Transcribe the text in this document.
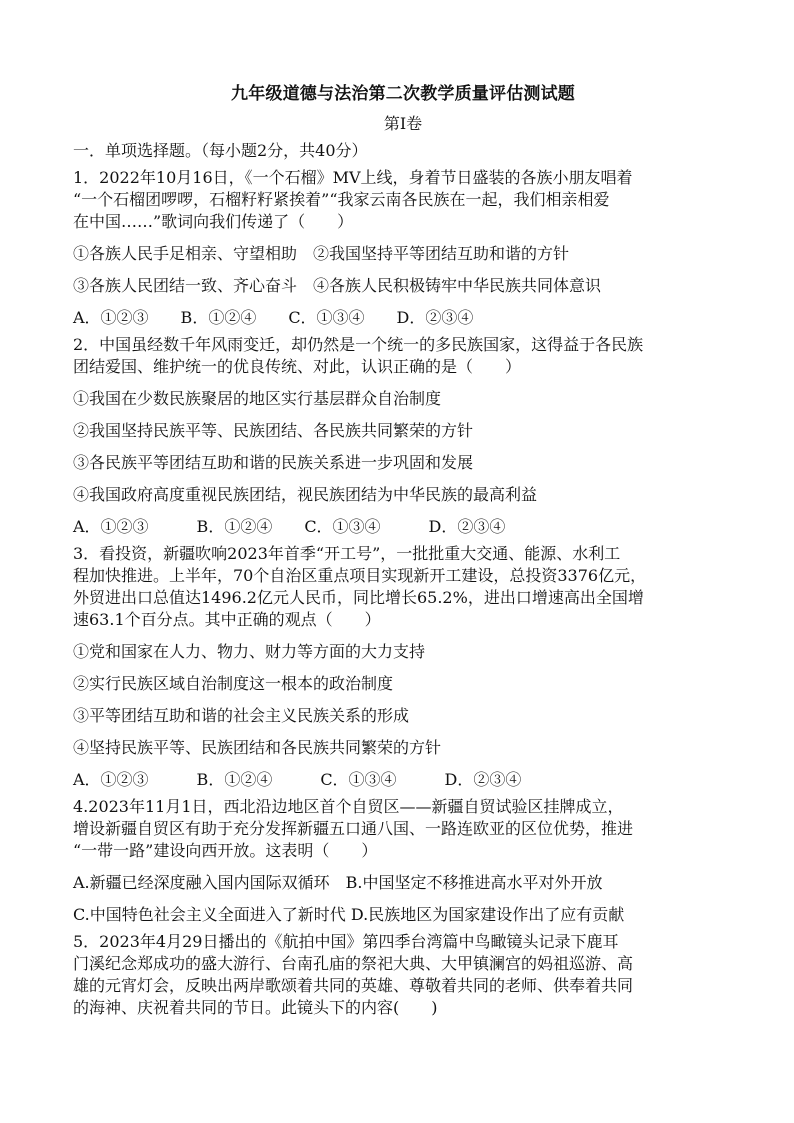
九年级道德与法治第二次教学质量评估测试题
第Ⅰ卷
一．单项选择题。（每小题2分，共40分）
1．2022年10月16日，《一个石榴》MV上线，身着节日盛装的各族小朋友唱着
“一个石榴团啰啰，石榴籽籽紧挨着”“我家云南各民族在一起，我们相亲相爱
在中国……”歌词向我们传递了（　　）
①各族人民手足相亲、守望相助　②我国坚持平等团结互助和谐的方针
③各族人民团结一致、齐心奋斗　④各族人民积极铸牢中华民族共同体意识
A．①②③　　B．①②④　　C．①③④　　D．②③④
2．中国虽经数千年风雨变迁，却仍然是一个统一的多民族国家，这得益于各民族
团结爱国、维护统一的优良传统、对此，认识正确的是（　　）
①我国在少数民族聚居的地区实行基层群众自治制度
②我国坚持民族平等、民族团结、各民族共同繁荣的方针
③各民族平等团结互助和谐的民族关系进一步巩固和发展
④我国政府高度重视民族团结，视民族团结为中华民族的最高利益
A．①②③　　　B．①②④　　C．①③④　　　D．②③④
3．看投资，新疆吹响2023年首季“开工号”，一批批重大交通、能源、水利工
程加快推进。上半年，70个自治区重点项目实现新开工建设，总投资3376亿元，
外贸进出口总值达1496.2亿元人民币，同比增长65.2%，进出口增速高出全国增
速63.1个百分点。其中正确的观点（　　）
①党和国家在人力、物力、财力等方面的大力支持
②实行民族区域自治制度这一根本的政治制度
③平等团结互助和谐的社会主义民族关系的形成
④坚持民族平等、民族团结和各民族共同繁荣的方针
A．①②③　　　B．①②④　　　C．①③④　　　D．②③④
4.2023年11月1日，西北沿边地区首个自贸区——新疆自贸试验区挂牌成立，
增设新疆自贸区有助于充分发挥新疆五口通八国、一路连欧亚的区位优势，推进
“一带一路”建设向西开放。这表明（　　）
A.新疆已经深度融入国内国际双循环　B.中国坚定不移推进高水平对外开放
C.中国特色社会主义全面进入了新时代 D.民族地区为国家建设作出了应有贡献
5．2023年4月29日播出的《航拍中国》第四季台湾篇中鸟瞰镜头记录下鹿耳
门溪纪念郑成功的盛大游行、台南孔庙的祭祀大典、大甲镇澜宫的妈祖巡游、高
雄的元宵灯会，反映出两岸歌颂着共同的英雄、尊敬着共同的老师、供奉着共同
的海神、庆祝着共同的节日。此镜头下的内容(　　)
